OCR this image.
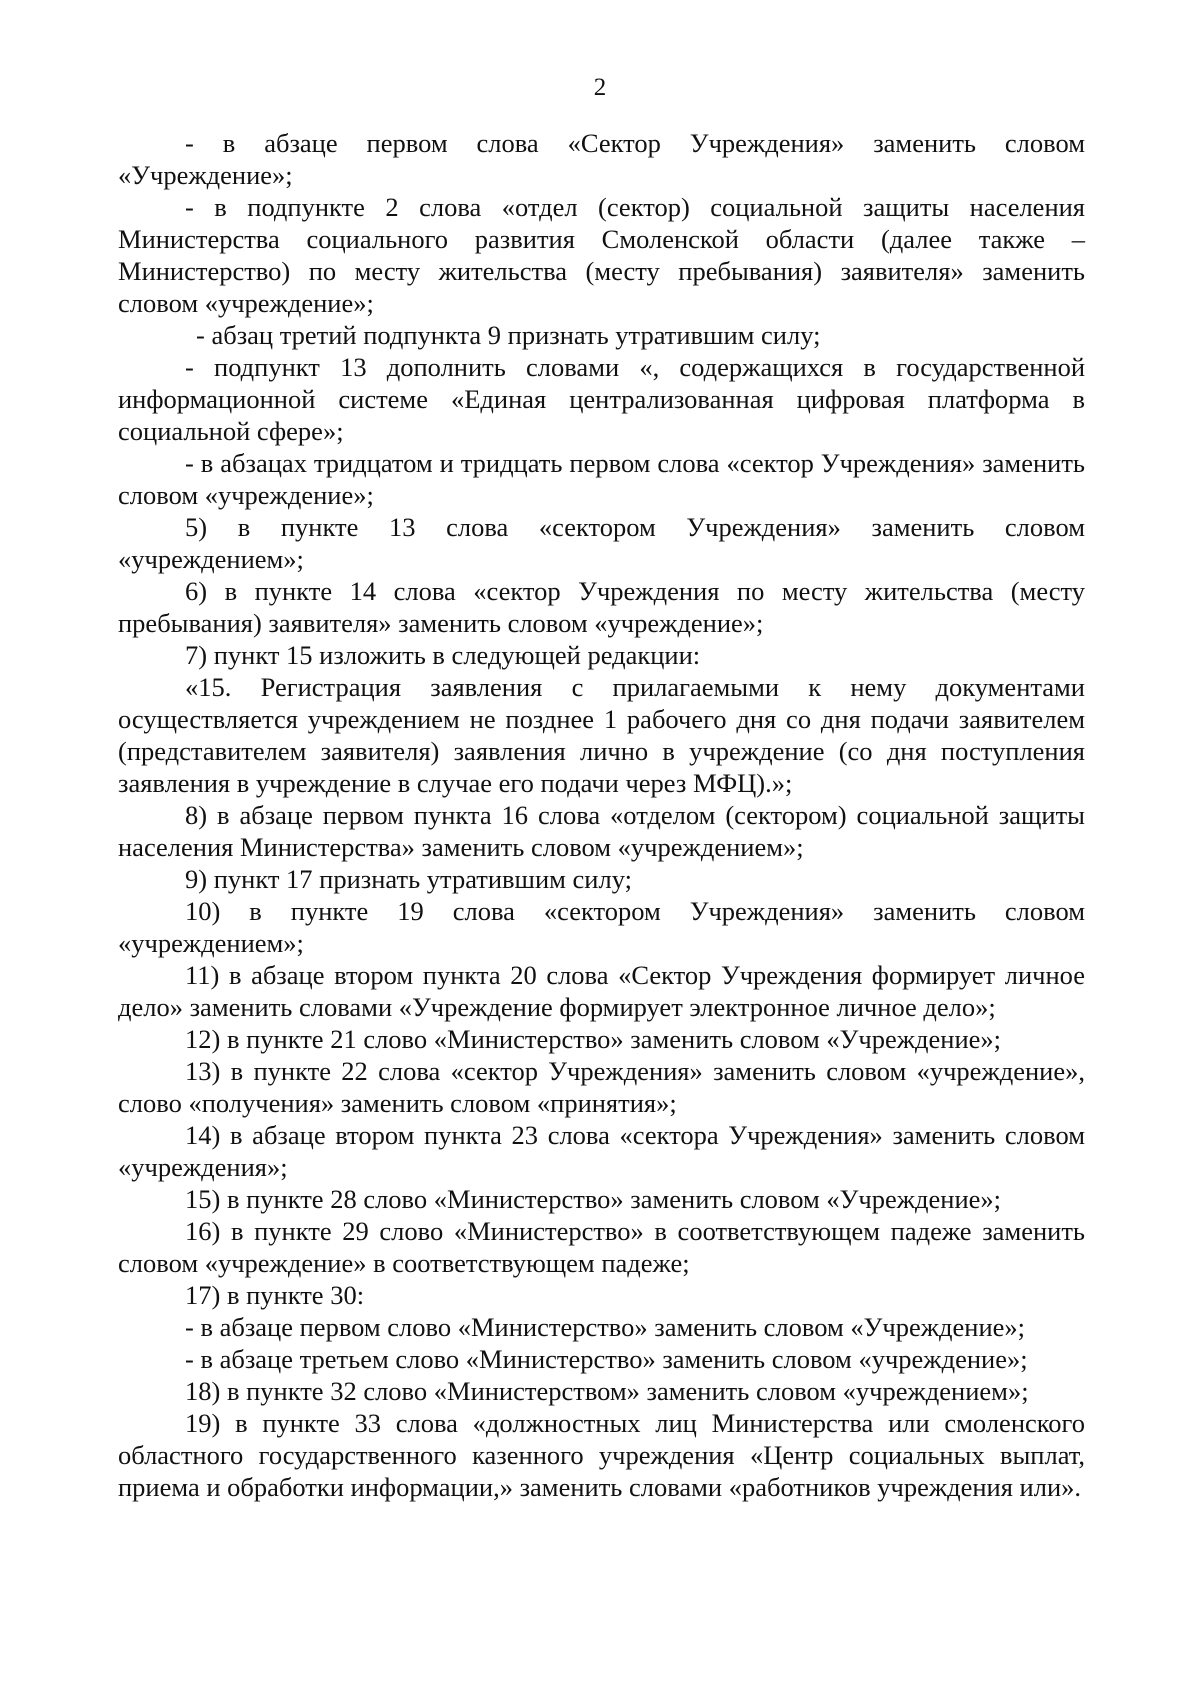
2

- в абзаце первом слова «Сектор Учреждения» заменить словом «Учреждение»;

- в подпункте 2 слова «отдел (сектор) социальной защиты населения Министерства социального развития Смоленской области (далее также – Министерство) по месту жительства (месту пребывания) заявителя» заменить словом «учреждение»;

- абзац третий подпункта 9 признать утратившим силу;

- подпункт 13 дополнить словами «, содержащихся в государственной информационной системе «Единая централизованная цифровая платформа в социальной сфере»;

- в абзацах тридцатом и тридцать первом слова «сектор Учреждения» заменить словом «учреждение»;

5) в пункте 13 слова «сектором Учреждения» заменить словом «учреждением»;

6) в пункте 14 слова «сектор Учреждения по месту жительства (месту пребывания) заявителя» заменить словом «учреждение»;

7) пункт 15 изложить в следующей редакции:

«15. Регистрация заявления с прилагаемыми к нему документами осуществляется учреждением не позднее 1 рабочего дня со дня подачи заявителем (представителем заявителя) заявления лично в учреждение (со дня поступления заявления в учреждение в случае его подачи через МФЦ).»;

8) в абзаце первом пункта 16 слова «отделом (сектором) социальной защиты населения Министерства» заменить словом «учреждением»;

9) пункт 17 признать утратившим силу;

10) в пункте 19 слова «сектором Учреждения» заменить словом «учреждением»;

11) в абзаце втором пункта 20 слова «Сектор Учреждения формирует личное дело» заменить словами «Учреждение формирует электронное личное дело»;

12) в пункте 21 слово «Министерство» заменить словом «Учреждение»;

13) в пункте 22 слова «сектор Учреждения» заменить словом «учреждение», слово «получения» заменить словом «принятия»;

14) в абзаце втором пункта 23 слова «сектора Учреждения» заменить словом «учреждения»;

15) в пункте 28 слово «Министерство» заменить словом «Учреждение»;

16) в пункте 29 слово «Министерство» в соответствующем падеже заменить словом «учреждение» в соответствующем падеже;

17) в пункте 30:

- в абзаце первом слово «Министерство» заменить словом «Учреждение»;

- в абзаце третьем слово «Министерство» заменить словом «учреждение»;

18) в пункте 32 слово «Министерством» заменить словом «учреждением»;

19) в пункте 33 слова «должностных лиц Министерства или смоленского областного государственного казенного учреждения «Центр социальных выплат, приема и обработки информации,» заменить словами «работников учреждения или».
